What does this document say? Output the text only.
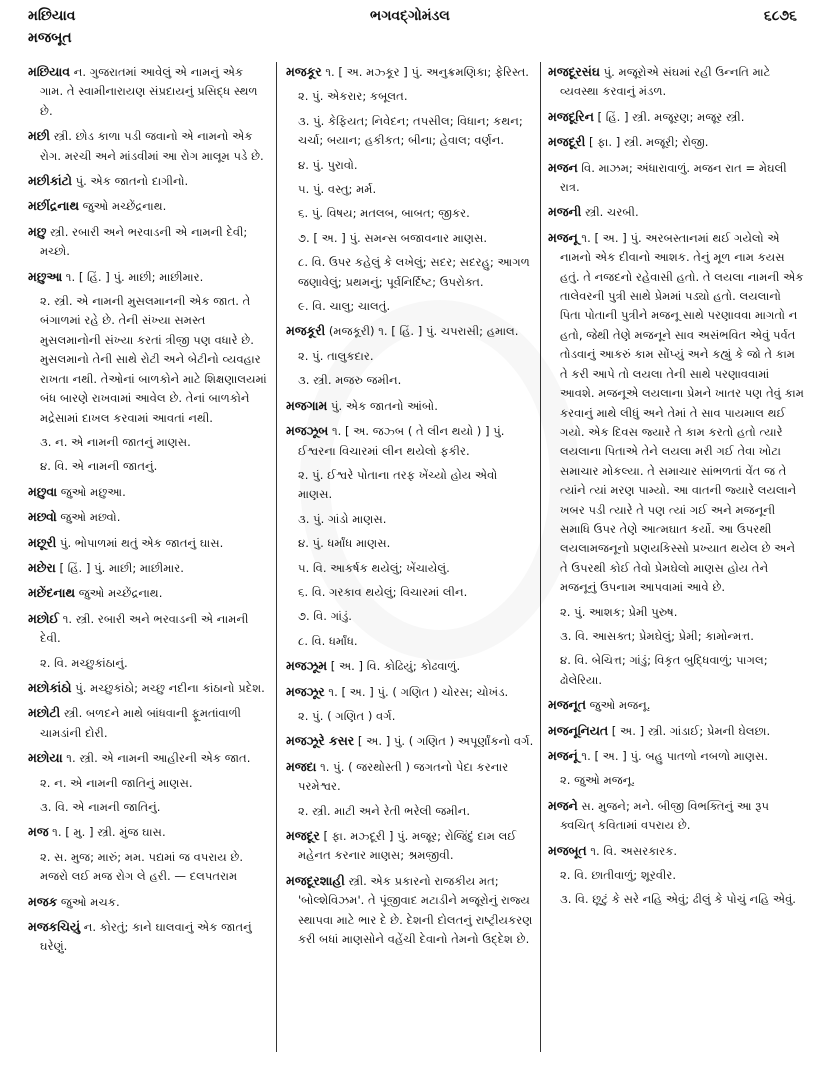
મછિયાવ
મજબૂત
ભગવદ્ગોમંડલ	૬૮૭૬

મછિયાવ ન. ગુજરાતમાં આવેલું એ નામનું એક ગામ. તે સ્વામીનારાયણ સંપ્રદાયનું પ્રસિદ્ધ સ્થળ છે.

મછી સ્ત્રી. છોડ કાળા પડી જવાનો એ નામનો એક રોગ. મરચી અને માંડવીમાં આ રોગ માલૂમ પડે છે.

મછીકાંટો પું. એક જાતનો દાગીનો.

મછીંદ્રનાથ જુઓ મચ્છેંદ્રનાથ.

મછુ સ્ત્રી. રબારી અને ભરવાડની એ નામની દેવી; મચ્છો.

મછુઆ ૧. [ હિં. ] પું. માછી; માછીમાર.

૨. સ્ત્રી. એ નામની મુસલમાનની એક જાત. તે બંગાળમાં રહે છે. તેની સંખ્યા સમસ્ત મુસલમાનોની સંખ્યા કરતાં ત્રીજી પણ વધારે છે. મુસલમાનો તેની સાથે રોટી અને બેટીનો વ્યવહાર રાખતા નથી. તેઓનાં બાળકોને માટે શિક્ષણાલયમાં બંધ બારણે રાખવામાં આવેલ છે. તેનાં બાળકોને મદ્રેસામાં દાખલ કરવામાં આવતાં નથી.

૩. ન. એ નામની જાતનું માણસ.

૪. વિ. એ નામની જાતનું.

મછુવા જુઓ મછુઆ.

મછ્વો જુઓ મછ્વો.

મછૂરી પું. ભોપાળમાં થતું એક જાતનું ઘાસ.

મછેરા [ હિં. ] પું. માછી; માછીમાર.

મછેંદનાથ જુઓ મચ્છેંદ્રનાથ.

મછોઈ ૧. સ્ત્રી. રબારી અને ભરવાડની એ નામની દેવી.

૨. વિ. મચ્છુકાંઠાનું.

મછોકાંઠો પું. મચ્છુકાંઠો; મચ્છુ નદીના કાંઠાનો પ્રદેશ.

મછોટી સ્ત્રી. બળદને માથે બાંધવાની ફૂમતાંવાળી ચામડાંની દોરી.

મછોયા ૧. સ્ત્રી. એ નામની આહીરની એક જાત.

૨. ન. એ નામની જાતિનું માણસ.

૩. વિ. એ નામની જાતિનું.

મજ ૧. [ મુ. ] સ્ત્રી. મુંજ ઘાસ.

૨. સ. મુજ; મારું; મમ. પદ્યમાં જ વપરાય છે. મજરો લઈ મજ રોગ લે હરી. — દલપતરામ

મજક જુઓ મચક.

મજકચિયું ન. કોરતું; કાને ઘાલવાનું એક જાતનું ઘરેણું.

મજકૂર ૧. [ અ. મઝ્કૂર ] પું. અનુક્રમણિકા; ફેરિસ્ત.

૨. પું. એકરાર; કબૂલત.

૩. પું. કેફિયત; નિવેદન; તપસીલ; વિધાન; કથન; ચર્ચા; બયાન; હકીકત; બીના; હેવાલ; વર્ણન.

૪. પું. પુરાવો.

૫. પું. વસ્તુ; મર્મ.

૬. પું. વિષય; મતલબ, બાબત; જીકર.

૭. [ અ. ] પું. સમન્સ બજાવનાર માણસ.

૮. વિ. ઉપર કહેલું કે લખેલું; સદર; સદરહુ; આગળ જણાવેલું; પ્રથમનું; પૂર્વનિર્દિષ્ટ; ઉપરોક્ત.

૯. વિ. ચાલુ; ચાલતું.

મજકૂરી (મજકૂરી) ૧. [ હિં. ] પું. ચપરાસી; હમાલ.

૨. પું. તાલુકદાર.

૩. સ્ત્રી. મજરુ જમીન.

મજગામ પું. એક જાતનો આંબો.

મજઝૂબ ૧. [ અ. જઝ્બ ( તે લીન થયો ) ] પું. ઈશ્વરના વિચારમાં લીન થયેલો ફકીર.

૨. પું. ઈશ્વરે પોતાના તરફ ખેંચ્યો હોય એવો માણસ.

૩. પું. ગાંડો માણસ.

૪. પું. ધર્માંધ માણસ.

૫. વિ. આકર્ષક થયેલું; ખેંચાયેલું.

૬. વિ. ગરકાવ થયેલું; વિચારમાં લીન.

૭. વિ. ગાંડું.

૮. વિ. ધર્માંધ.

મજઝૂમ [ અ. ] વિ. કોઢિયું; કોઢવાળું.

મજઝૂર ૧. [ અ. ] પું. ( ગણિત ) ચોરસ; ચોખંડ.

૨. પું. ( ગણિત ) વર્ગ.

મજઝૂરે કસર [ અ. ] પું. ( ગણિત ) અપૂર્ણાંકનો વર્ગ.

મજદા ૧. પું. ( જરથોસ્તી ) જગતનો પેદા કરનાર પરમેશ્વર.

૨. સ્ત્રી. માટી અને રેતી ભરેલી જમીન.

મજદૂર [ ફા. મઝ્દૂરી ] પું. મજૂર; રોજિંદું દામ લઈ મહેનત કરનાર માણસ; શ્રમજીવી.

મજદૂરશાહી સ્ત્રી. એક પ્રકારનો રાજકીય મત; 'બોલ્શેવિઝમ'. તે પૂંજીવાદ મટાડીને મજૂરોનું રાજ્ય સ્થાપવા માટે ભાર દે છે. દેશની દોલતનું રાષ્ટ્રીયકરણ કરી બધાં માણસોને વહેંચી દેવાનો તેમનો ઉદ્દેશ છે.

મજદૂરસંઘ પું. મજૂરોએ સંઘમાં રહી ઉન્નતિ માટે વ્યવસ્થા કરવાનું મંડળ.

મજદૂરિન [ હિં. ] સ્ત્રી. મજૂરણ; મજૂર સ્ત્રી.

મજદૂરી [ ફા. ] સ્ત્રી. મજૂરી; રોજી.

મજન વિ. માઝમ; અંધારાવાળું. મજન રાત = મેઘલી રાત્ર.

મજની સ્ત્રી. ચરબી.

મજનૂ ૧. [ અ. ] પું. અરબસ્તાનમાં થઈ ગયેલો એ નામનો એક દીવાનો આશક. તેનું મૂળ નામ કયસ હતું. તે નજદનો રહેવાસી હતો. તે લયલા નામની એક તાલેવરની પુત્રી સાથે પ્રેમમાં પડ્યો હતો. લયલાનો પિતા પોતાની પુત્રીને મજનૂ સાથે પરણાવવા માગતો ન હતો, જેથી તેણે મજનૂને સાવ અસંભવિત એવું પર્વત તોડવાનું આકરું કામ સોંપ્યું અને કહ્યું કે જો તે કામ તે કરી આપે તો લયલા તેની સાથે પરણાવવામાં આવશે. મજનૂએ લયલાના પ્રેમને ખાતર પણ તેવું કામ કરવાનું માથે લીધું અને તેમાં તે સાવ પાયમાલ થઈ ગયો. એક દિવસ જ્યારે તે કામ કરતો હતો ત્યારે લયલાના પિતાએ તેને લયલા મરી ગઈ તેવા ખોટા સમાચાર મોકલ્યા. તે સમાચાર સાંભળતાં વેંત જ તે ત્યાંને ત્યાં મરણ પામ્યો. આ વાતની જ્યારે લયલાને ખબર પડી ત્યારે તે પણ ત્યાં ગઈ અને મજનૂની સમાધિ ઉપર તેણે આત્મઘાત કર્યો. આ ઉપરથી લયલામજનૂનો પ્રણયકિસ્સો પ્રખ્યાત થયેલ છે અને તે ઉપરથી કોઈ તેવો પ્રેમઘેલો માણસ હોય તેને મજનૂનું ઉપનામ આપવામાં આવે છે.

૨. પું. આશક; પ્રેમી પુરુષ.

૩. વિ. આસક્ત; પ્રેમઘેલું; પ્રેમી; કામોન્મત્ત.

૪. વિ. બેચિત્ત; ગાંડું; વિકૃત બુદ્ધિવાળું; પાગલ; ઢોલેરિયા.

મજનૂત જુઓ મજનૂ.

મજનૂનિયત [ અ. ] સ્ત્રી. ગાંડાઈ; પ્રેમની ઘેલછા.

મજનૂં ૧. [ અ. ] પું. બહુ પાતળો નબળો માણસ.

૨. જુઓ મજનૂ.

મજને સ. મુજને; મને. બીજી વિભક્તિનું આ રૂપ ક્વચિત્ કવિતામાં વપરાય છે.

મજબૂત ૧. વિ. અસરકારક.

૨. વિ. છાતીવાળું; શૂરવીર.

૩. વિ. છૂટું કે સરે નહિ એવું; ઢીલું કે પોચું નહિ એવું.
